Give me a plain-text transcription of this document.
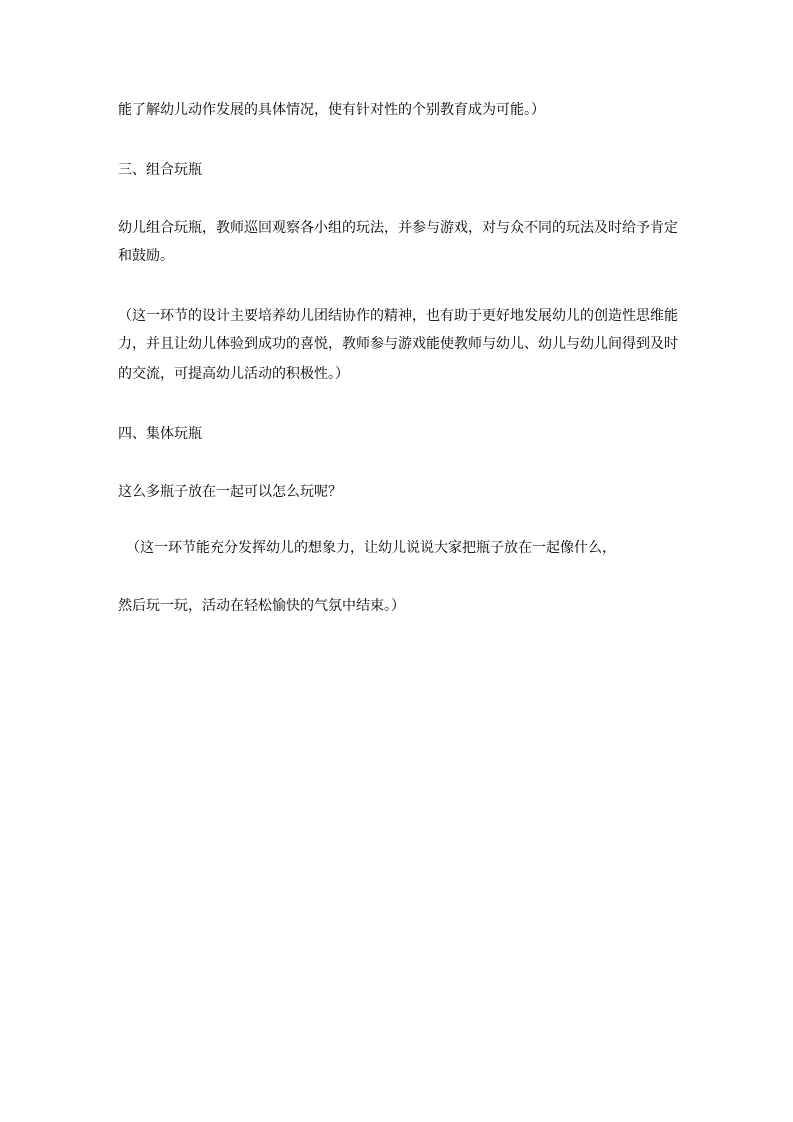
能了解幼儿动作发展的具体情况，使有针对性的个别教育成为可能。）
三、组合玩瓶
幼儿组合玩瓶，教师巡回观察各小组的玩法，并参与游戏，对与众不同的玩法及时给予肯定
和鼓励。
（这一环节的设计主要培养幼儿团结协作的精神，也有助于更好地发展幼儿的创造性思维能
力，并且让幼儿体验到成功的喜悦，教师参与游戏能使教师与幼儿、幼儿与幼儿间得到及时
的交流，可提高幼儿活动的积极性。）
四、集体玩瓶
这么多瓶子放在一起可以怎么玩呢？
（这一环节能充分发挥幼儿的想象力，让幼儿说说大家把瓶子放在一起像什么，
然后玩一玩，活动在轻松愉快的气氛中结束。）
